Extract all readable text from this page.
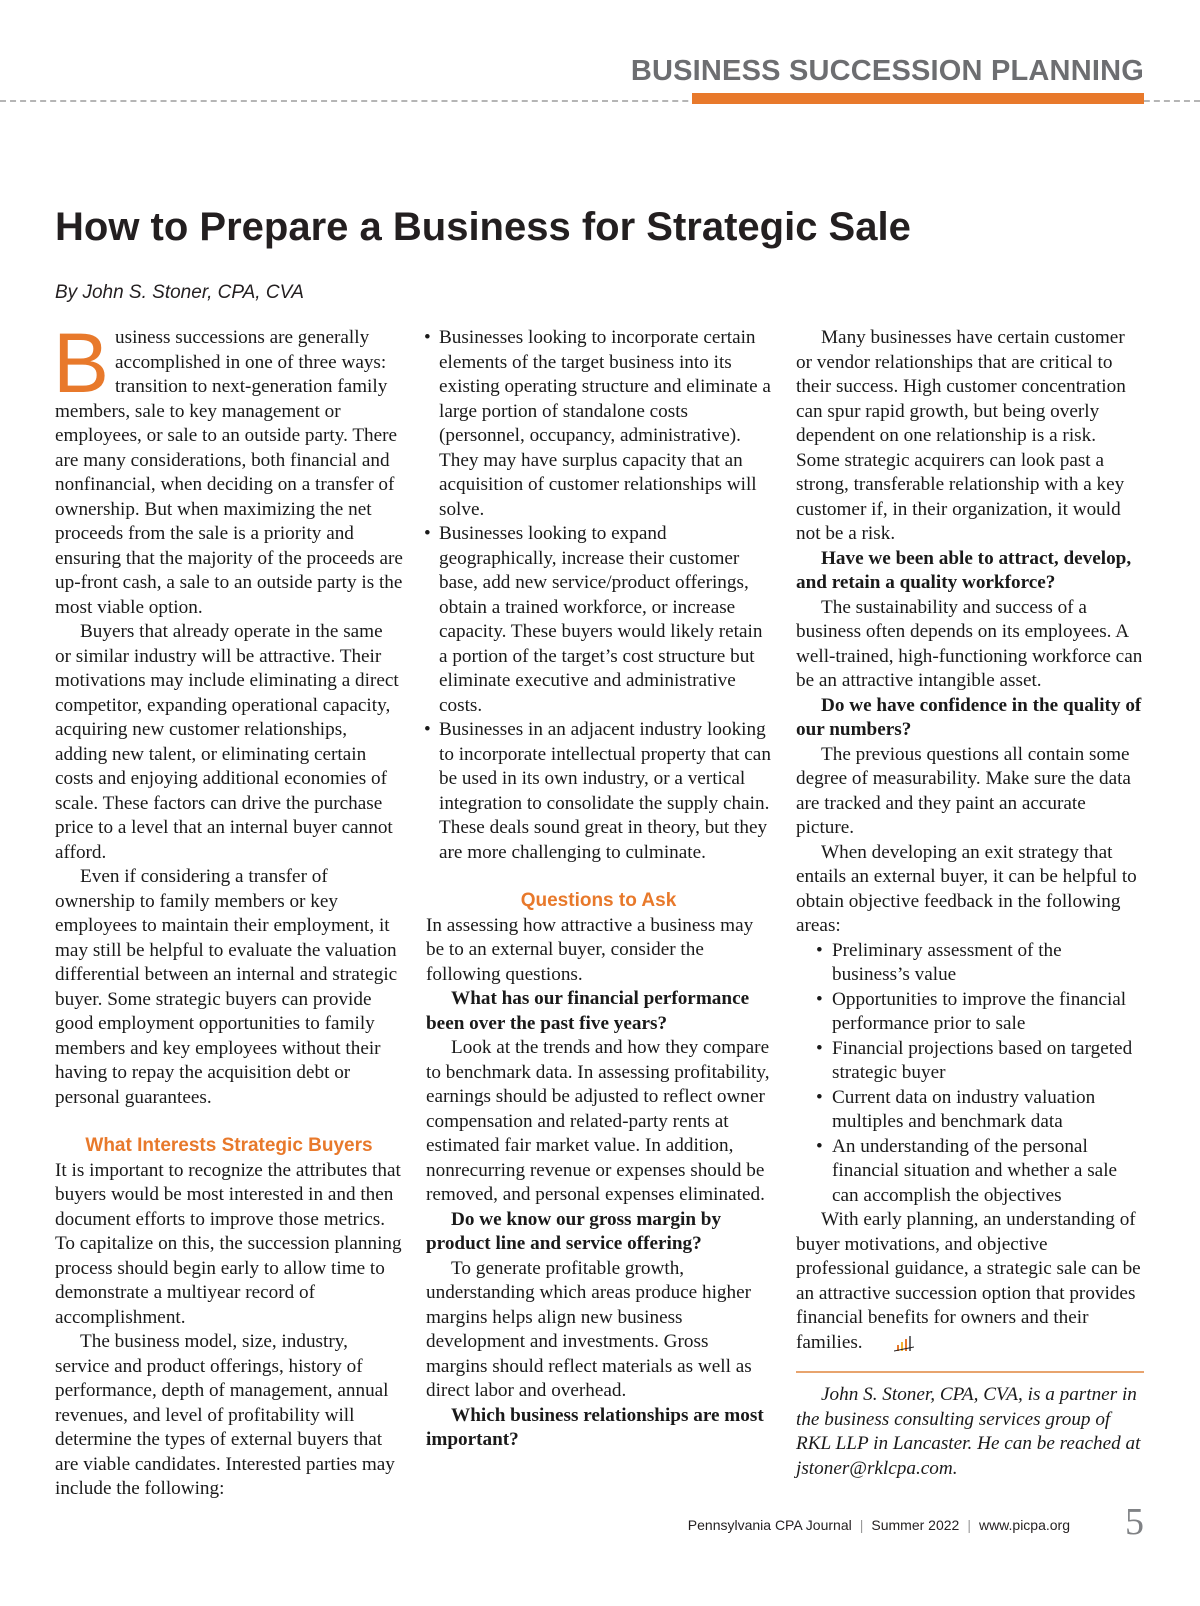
BUSINESS SUCCESSION PLANNING
How to Prepare a Business for Strategic Sale
By John S. Stoner, CPA, CVA

Business successions are generally accomplished in one of three ways: transition to next-generation family members, sale to key management or employees, or sale to an outside party. There are many considerations, both financial and nonfinancial, when deciding on a transfer of ownership. But when maximizing the net proceeds from the sale is a priority and ensuring that the majority of the proceeds are up-front cash, a sale to an outside party is the most viable option.

Buyers that already operate in the same or similar industry will be attractive. Their motivations may include eliminating a direct competitor, expanding operational capacity, acquiring new customer relationships, adding new talent, or eliminating certain costs and enjoying additional economies of scale. These factors can drive the purchase price to a level that an internal buyer cannot afford.

Even if considering a transfer of ownership to family members or key employees to maintain their employment, it may still be helpful to evaluate the valuation differential between an internal and strategic buyer. Some strategic buyers can provide good employment opportunities to family members and key employees without their having to repay the acquisition debt or personal guarantees.

What Interests Strategic Buyers

It is important to recognize the attributes that buyers would be most interested in and then document efforts to improve those metrics. To capitalize on this, the succession planning process should begin early to allow time to demonstrate a multiyear record of accomplishment.

The business model, size, industry, service and product offerings, history of performance, depth of management, annual revenues, and level of profitability will determine the types of external buyers that are viable candidates. Interested parties may include the following:

• Businesses looking to incorporate certain elements of the target business into its existing operating structure and eliminate a large portion of standalone costs (personnel, occupancy, administrative). They may have surplus capacity that an acquisition of customer relationships will solve.
• Businesses looking to expand geographically, increase their customer base, add new service/product offerings, obtain a trained workforce, or increase capacity. These buyers would likely retain a portion of the target’s cost structure but eliminate executive and administrative costs.
• Businesses in an adjacent industry looking to incorporate intellectual property that can be used in its own industry, or a vertical integration to consolidate the supply chain. These deals sound great in theory, but they are more challenging to culminate.
Questions to Ask

In assessing how attractive a business may be to an external buyer, consider the following questions.

What has our financial performance been over the past five years?

Look at the trends and how they compare to benchmark data. In assessing profitability, earnings should be adjusted to reflect owner compensation and related-party rents at estimated fair market value. In addition, nonrecurring revenue or expenses should be removed, and personal expenses eliminated.

Do we know our gross margin by product line and service offering?

To generate profitable growth, understanding which areas produce higher margins helps align new business development and investments. Gross margins should reflect materials as well as direct labor and overhead.

Which business relationships are most important?

Many businesses have certain customer or vendor relationships that are critical to their success. High customer concentration can spur rapid growth, but being overly dependent on one relationship is a risk. Some strategic acquirers can look past a strong, transferable relationship with a key customer if, in their organization, it would not be a risk.

Have we been able to attract, develop, and retain a quality workforce?

The sustainability and success of a business often depends on its employees. A well-trained, high-functioning workforce can be an attractive intangible asset.

Do we have confidence in the quality of our numbers?

The previous questions all contain some degree of measurability. Make sure the data are tracked and they paint an accurate picture.

When developing an exit strategy that entails an external buyer, it can be helpful to obtain objective feedback in the following areas:

• Preliminary assessment of the business’s value
• Opportunities to improve the financial performance prior to sale
• Financial projections based on targeted strategic buyer
• Current data on industry valuation multiples and benchmark data
• An understanding of the personal financial situation and whether a sale can accomplish the objectives

With early planning, an understanding of buyer motivations, and objective professional guidance, a strategic sale can be an attractive succession option that provides financial benefits for owners and their families.

John S. Stoner, CPA, CVA, is a partner in the business consulting services group of RKL LLP in Lancaster. He can be reached at jstoner@rklcpa.com.

Pennsylvania CPA Journal | Summer 2022 | www.picpa.org 5
